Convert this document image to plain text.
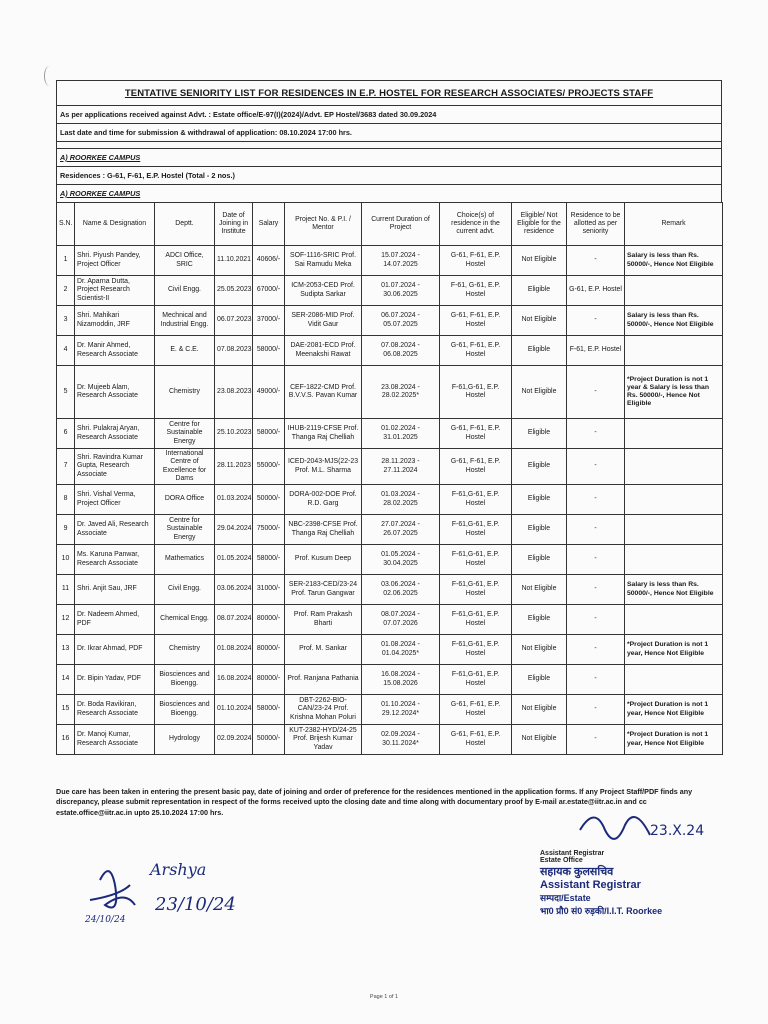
TENTATIVE SENIORITY LIST FOR RESIDENCES IN E.P. HOSTEL FOR RESEARCH ASSOCIATES/ PROJECTS STAFF
As per applications received against Advt. : Estate office/E-97(I)(2024)/Advt. EP Hostel/3683 dated 30.09.2024
Last date and time for submission & withdrawal of application: 08.10.2024 17:00 hrs.
A) ROORKEE CAMPUS
Residences : G-61, F-61, E.P. Hostel (Total - 2 nos.)
A) ROORKEE CAMPUS
S.N.	Name & Designation	Deptt.	Date of Joining in Institute	Salary	Project No. & P.I. / Mentor	Current Duration of Project	Choice(s) of residence in the current advt.	Eligible/ Not Eligible for the residence	Residence to be allotted as per seniority	Remark
1	Shri. Piyush Pandey, Project Officer	ADCI Office, SRIC	11.10.2021	40606/-	SOF-1116-SRIC Prof. Sai Ramudu Meka	15.07.2024 - 14.07.2025	G-61, F-61, E.P. Hostel	Not Eligible	-	Salary is less than Rs. 50000/-, Hence Not Eligible
2	Dr. Aparna Dutta, Project Research Scientist-II	Civil Engg.	25.05.2023	67000/-	ICM-2053-CED Prof. Sudipta Sarkar	01.07.2024 - 30.06.2025	F-61, G-61, E.P. Hostel	Eligible	G-61, E.P. Hostel	
3	Shri. Mahikari Nizamoddin, JRF	Mechnical and Industrial Engg.	06.07.2023	37000/-	SER-2086-MID Prof. Vidit Gaur	06.07.2024 - 05.07.2025	G-61, F-61, E.P. Hostel	Not Eligible	-	Salary is less than Rs. 50000/-, Hence Not Eligible
4	Dr. Manir Ahmed, Research Associate	E. & C.E.	07.08.2023	58000/-	DAE-2081-ECD Prof. Meenakshi Rawat	07.08.2024 - 06.08.2025	G-61, F-61, E.P. Hostel	Eligible	F-61, E.P. Hostel	
5	Dr. Mujeeb Alam, Research Associate	Chemistry	23.08.2023	49000/-	CEF-1822-CMD Prof. B.V.V.S. Pavan Kumar	23.08.2024 - 28.02.2025*	F-61,G-61, E.P. Hostel	Not Eligible	-	*Project Duration is not 1 year & Salary is less than Rs. 50000/-, Hence Not Eligible
6	Shri. Pulakraj Aryan, Research Associate	Centre for Sustainable Energy	25.10.2023	58000/-	IHUB-2119-CFSE Prof. Thanga Raj Chelliah	01.02.2024 - 31.01.2025	G-61, F-61, E.P. Hostel	Eligible	-	
7	Shri. Ravindra Kumar Gupta, Research Associate	International Centre of Excellence for Dams	28.11.2023	55000/-	ICED-2043-MJS(22-23 Prof. M.L. Sharma	28.11.2023 - 27.11.2024	G-61, F-61, E.P. Hostel	Eligible	-	
8	Shri. Vishal Verma, Project Officer	DORA Office	01.03.2024	50000/-	DORA-002-DOE Prof. R.D. Garg	01.03.2024 - 28.02.2025	F-61,G-61, E.P. Hostel	Eligible	-	
9	Dr. Javed Ali, Research Associate	Centre for Sustainable Energy	29.04.2024	75000/-	NBC-2398-CFSE Prof. Thanga Raj Chelliah	27.07.2024 - 26.07.2025	F-61,G-61, E.P. Hostel	Eligible	-	
10	Ms. Karuna Panwar, Research Associate	Mathematics	01.05.2024	58000/-	Prof. Kusum Deep	01.05.2024 - 30.04.2025	F-61,G-61, E.P. Hostel	Eligible	-	
11	Shri. Anjit Sau, JRF	Civil Engg.	03.06.2024	31000/-	SER-2183-CED/23-24 Prof. Tarun Gangwar	03.06.2024 - 02.06.2025	F-61,G-61, E.P. Hostel	Not Eligible	-	Salary is less than Rs. 50000/-, Hence Not Eligible
12	Dr. Nadeem Ahmed, PDF	Chemical Engg.	08.07.2024	80000/-	Prof. Ram Prakash Bharti	08.07.2024 - 07.07.2026	F-61,G-61, E.P. Hostel	Eligible	-	
13	Dr. Ikrar Ahmad, PDF	Chemistry	01.08.2024	80000/-	Prof. M. Sankar	01.08.2024 - 01.04.2025*	F-61,G-61, E.P. Hostel	Not Eligible	-	*Project Duration is not 1 year, Hence Not Eligible
14	Dr. Bipin Yadav, PDF	Biosciences and Bioengg.	16.08.2024	80000/-	Prof. Ranjana Pathania	16.08.2024 - 15.08.2026	F-61,G-61, E.P. Hostel	Eligible	-	
15	Dr. Boda Ravikiran, Research Associate	Biosciences and Bioengg.	01.10.2024	58000/-	DBT-2262-BIO-CAN/23-24 Prof. Krishna Mohan Poluri	01.10.2024 - 29.12.2024*	G-61, F-61, E.P. Hostel	Not Eligible	-	*Project Duration is not 1 year, Hence Not Eligible
16	Dr. Manoj Kumar, Research Associate	Hydrology	02.09.2024	50000/-	KUT-2382-HYD/24-25 Prof. Brijesh Kumar Yadav	02.09.2024 - 30.11.2024*	G-61, F-61, E.P. Hostel	Not Eligible	-	*Project Duration is not 1 year, Hence Not Eligible
Due care has been taken in entering the present basic pay, date of joining and order of preference for the residences mentioned in the application forms. If any Project Staff/PDF finds any discrepancy, please submit representation in respect of the forms received upto the closing date and time along with documentary proof by E-mail ar.estate@iitr.ac.in and cc estate.office@iitr.ac.in upto 25.10.2024 17:00 hrs.
Arshya
23/10/24
24/10/24
23.X.24
Assistant Registrar
Estate Office
सहायक कुलसचिव
Assistant Registrar
सम्पदा/Estate
भा0 प्रौ0 सं0 रुड़की/I.I.T. Roorkee
Page 1 of 1
